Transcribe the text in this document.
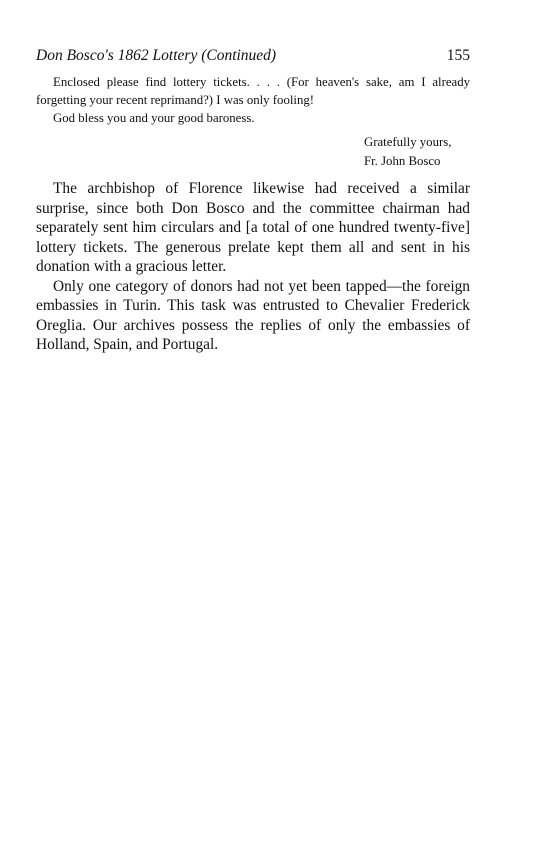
Don Bosco's 1862 Lottery (Continued)	155

Enclosed please find lottery tickets. . . . (For heaven's sake, am I already forgetting your recent reprimand?) I was only fooling!

God bless you and your good baroness.

Gratefully yours,
Fr. John Bosco

The archbishop of Florence likewise had received a similar surprise, since both Don Bosco and the committee chairman had separately sent him circulars and [a total of one hundred twenty-five] lottery tickets. The generous prelate kept them all and sent in his donation with a gracious letter.

Only one category of donors had not yet been tapped—the foreign embassies in Turin. This task was entrusted to Chevalier Frederick Oreglia. Our archives possess the replies of only the embassies of Holland, Spain, and Portugal.
